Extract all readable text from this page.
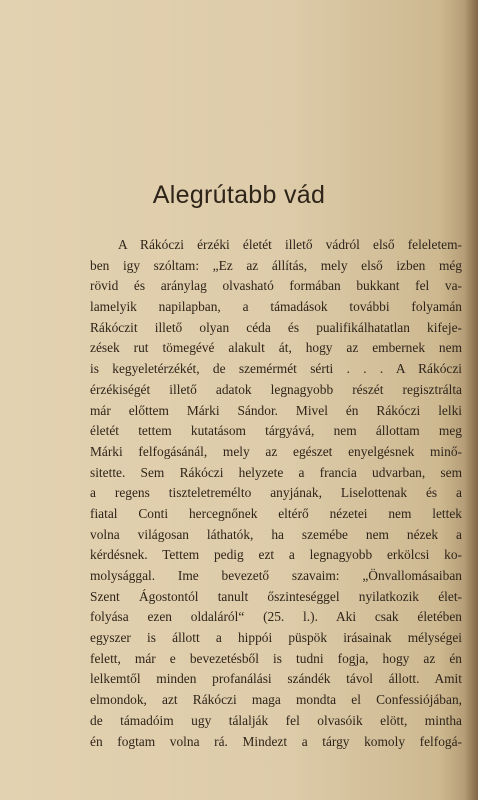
Alegrútabb vád
A Rákóczi érzéki életét illető vádról első feleletem-
ben igy szóltam: „Ez az állítás, mely első izben még
rövid és aránylag olvasható formában bukkant fel va-
lamelyik napilapban, a támadások további folyamán
Rákóczit illető olyan céda és pualifikálhatatlan kifeje-
zések rut tömegévé alakult át, hogy az embernek nem
is kegyeletérzékét, de szemérmét sérti . . . A Rákóczi
érzékiségét illető adatok legnagyobb részét regisztrálta
már előttem Márki Sándor. Mivel én Rákóczi lelki
életét tettem kutatásom tárgyává, nem állottam meg
Márki felfogásánál, mely az egészet enyelgésnek minő-
sitette. Sem Rákóczi helyzete a francia udvarban, sem
a regens tiszteletremélto anyjának, Liselottenak és a
fiatal Conti hercegnőnek eltérő nézetei nem lettek
volna világosan láthatók, ha szemébe nem nézek a
kérdésnek. Tettem pedig ezt a legnagyobb erkölcsi ko-
molysággal. Ime bevezető szavaim: „Önvallomásaiban
Szent Ágostontól tanult őszinteséggel nyilatkozik élet-
folyása ezen oldaláról“ (25. l.). Aki csak életében
egyszer is állott a hippói püspök irásainak mélységei
felett, már e bevezetésből is tudni fogja, hogy az én
lelkemtől minden profanálási szándék távol állott. Amit
elmondok, azt Rákóczi maga mondta el Confessiójában,
de támadóim ugy tálalják fel olvasóik elött, mintha
én fogtam volna rá. Mindezt a tárgy komoly felfogá-
